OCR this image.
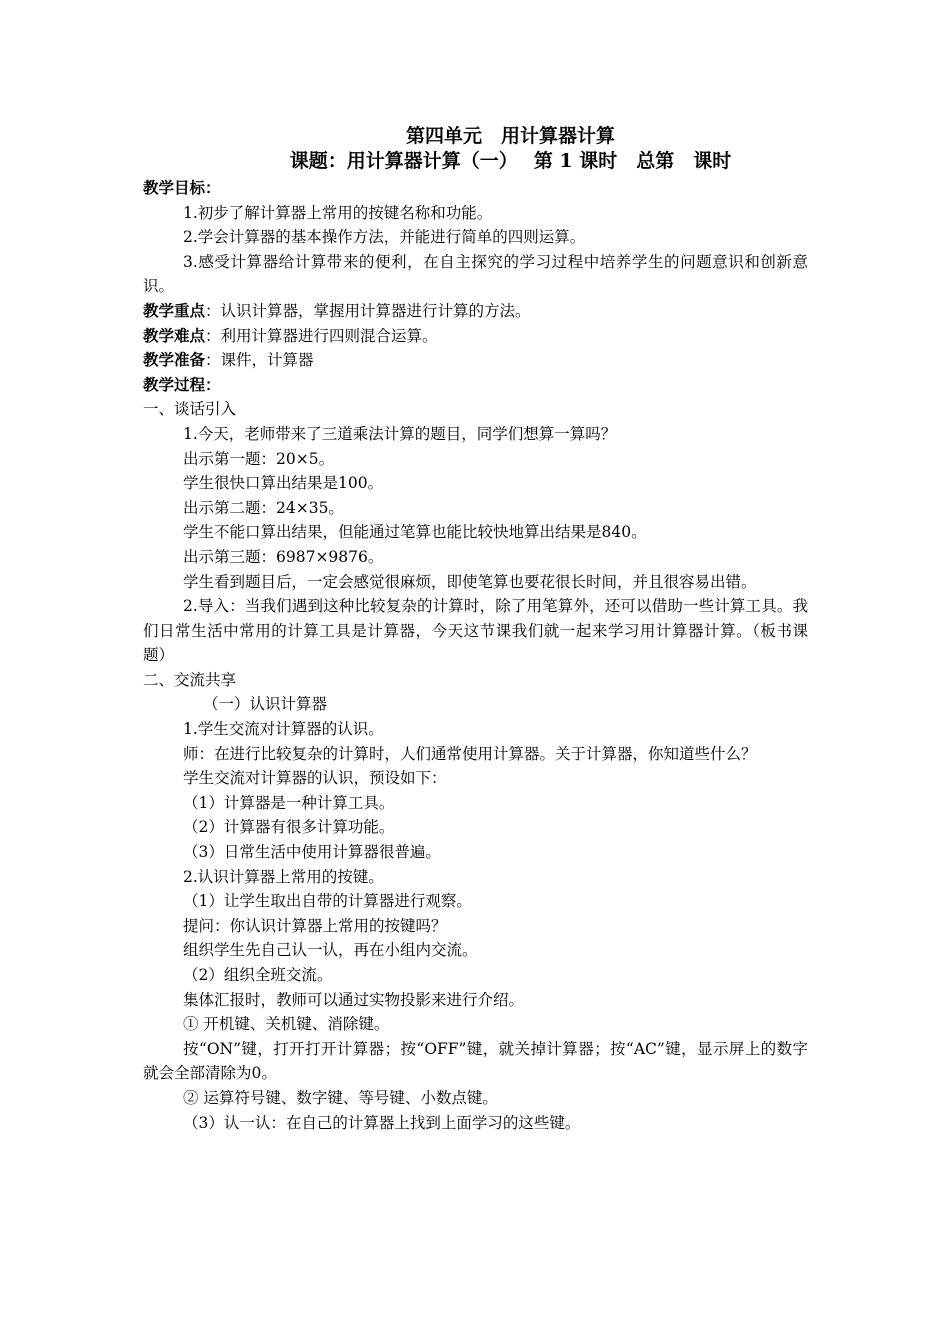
第四单元　用计算器计算
课题：用计算器计算（一）　 第 1 课时　总第　课时
教学目标：
1.初步了解计算器上常用的按键名称和功能。
2.学会计算器的基本操作方法，并能进行简单的四则运算。
3.感受计算器给计算带来的便利，在自主探究的学习过程中培养学生的问题意识和创新意识。
教学重点：认识计算器，掌握用计算器进行计算的方法。
教学难点：利用计算器进行四则混合运算。
教学准备：课件，计算器
教学过程：
一、谈话引入
1.今天，老师带来了三道乘法计算的题目，同学们想算一算吗？
出示第一题：20×5。
学生很快口算出结果是100。
出示第二题：24×35。
学生不能口算出结果，但能通过笔算也能比较快地算出结果是840。
出示第三题：6987×9876。
学生看到题目后，一定会感觉很麻烦，即使笔算也要花很长时间，并且很容易出错。
2.导入：当我们遇到这种比较复杂的计算时，除了用笔算外，还可以借助一些计算工具。我们日常生活中常用的计算工具是计算器，今天这节课我们就一起来学习用计算器计算。（板书课题）
二、交流共享
（一）认识计算器
1.学生交流对计算器的认识。
师：在进行比较复杂的计算时，人们通常使用计算器。关于计算器，你知道些什么？
学生交流对计算器的认识，预设如下：
（1）计算器是一种计算工具。
（2）计算器有很多计算功能。
（3）日常生活中使用计算器很普遍。
2.认识计算器上常用的按键。
（1）让学生取出自带的计算器进行观察。
提问：你认识计算器上常用的按键吗？
组织学生先自己认一认，再在小组内交流。
（2）组织全班交流。
集体汇报时，教师可以通过实物投影来进行介绍。
① 开机键、关机键、消除键。
按“ON”键，打开打开计算器；按“OFF”键，就关掉计算器；按“AC”键，显示屏上的数字就会全部清除为0。
② 运算符号键、数字键、等号键、小数点键。
（3）认一认：在自己的计算器上找到上面学习的这些键。
